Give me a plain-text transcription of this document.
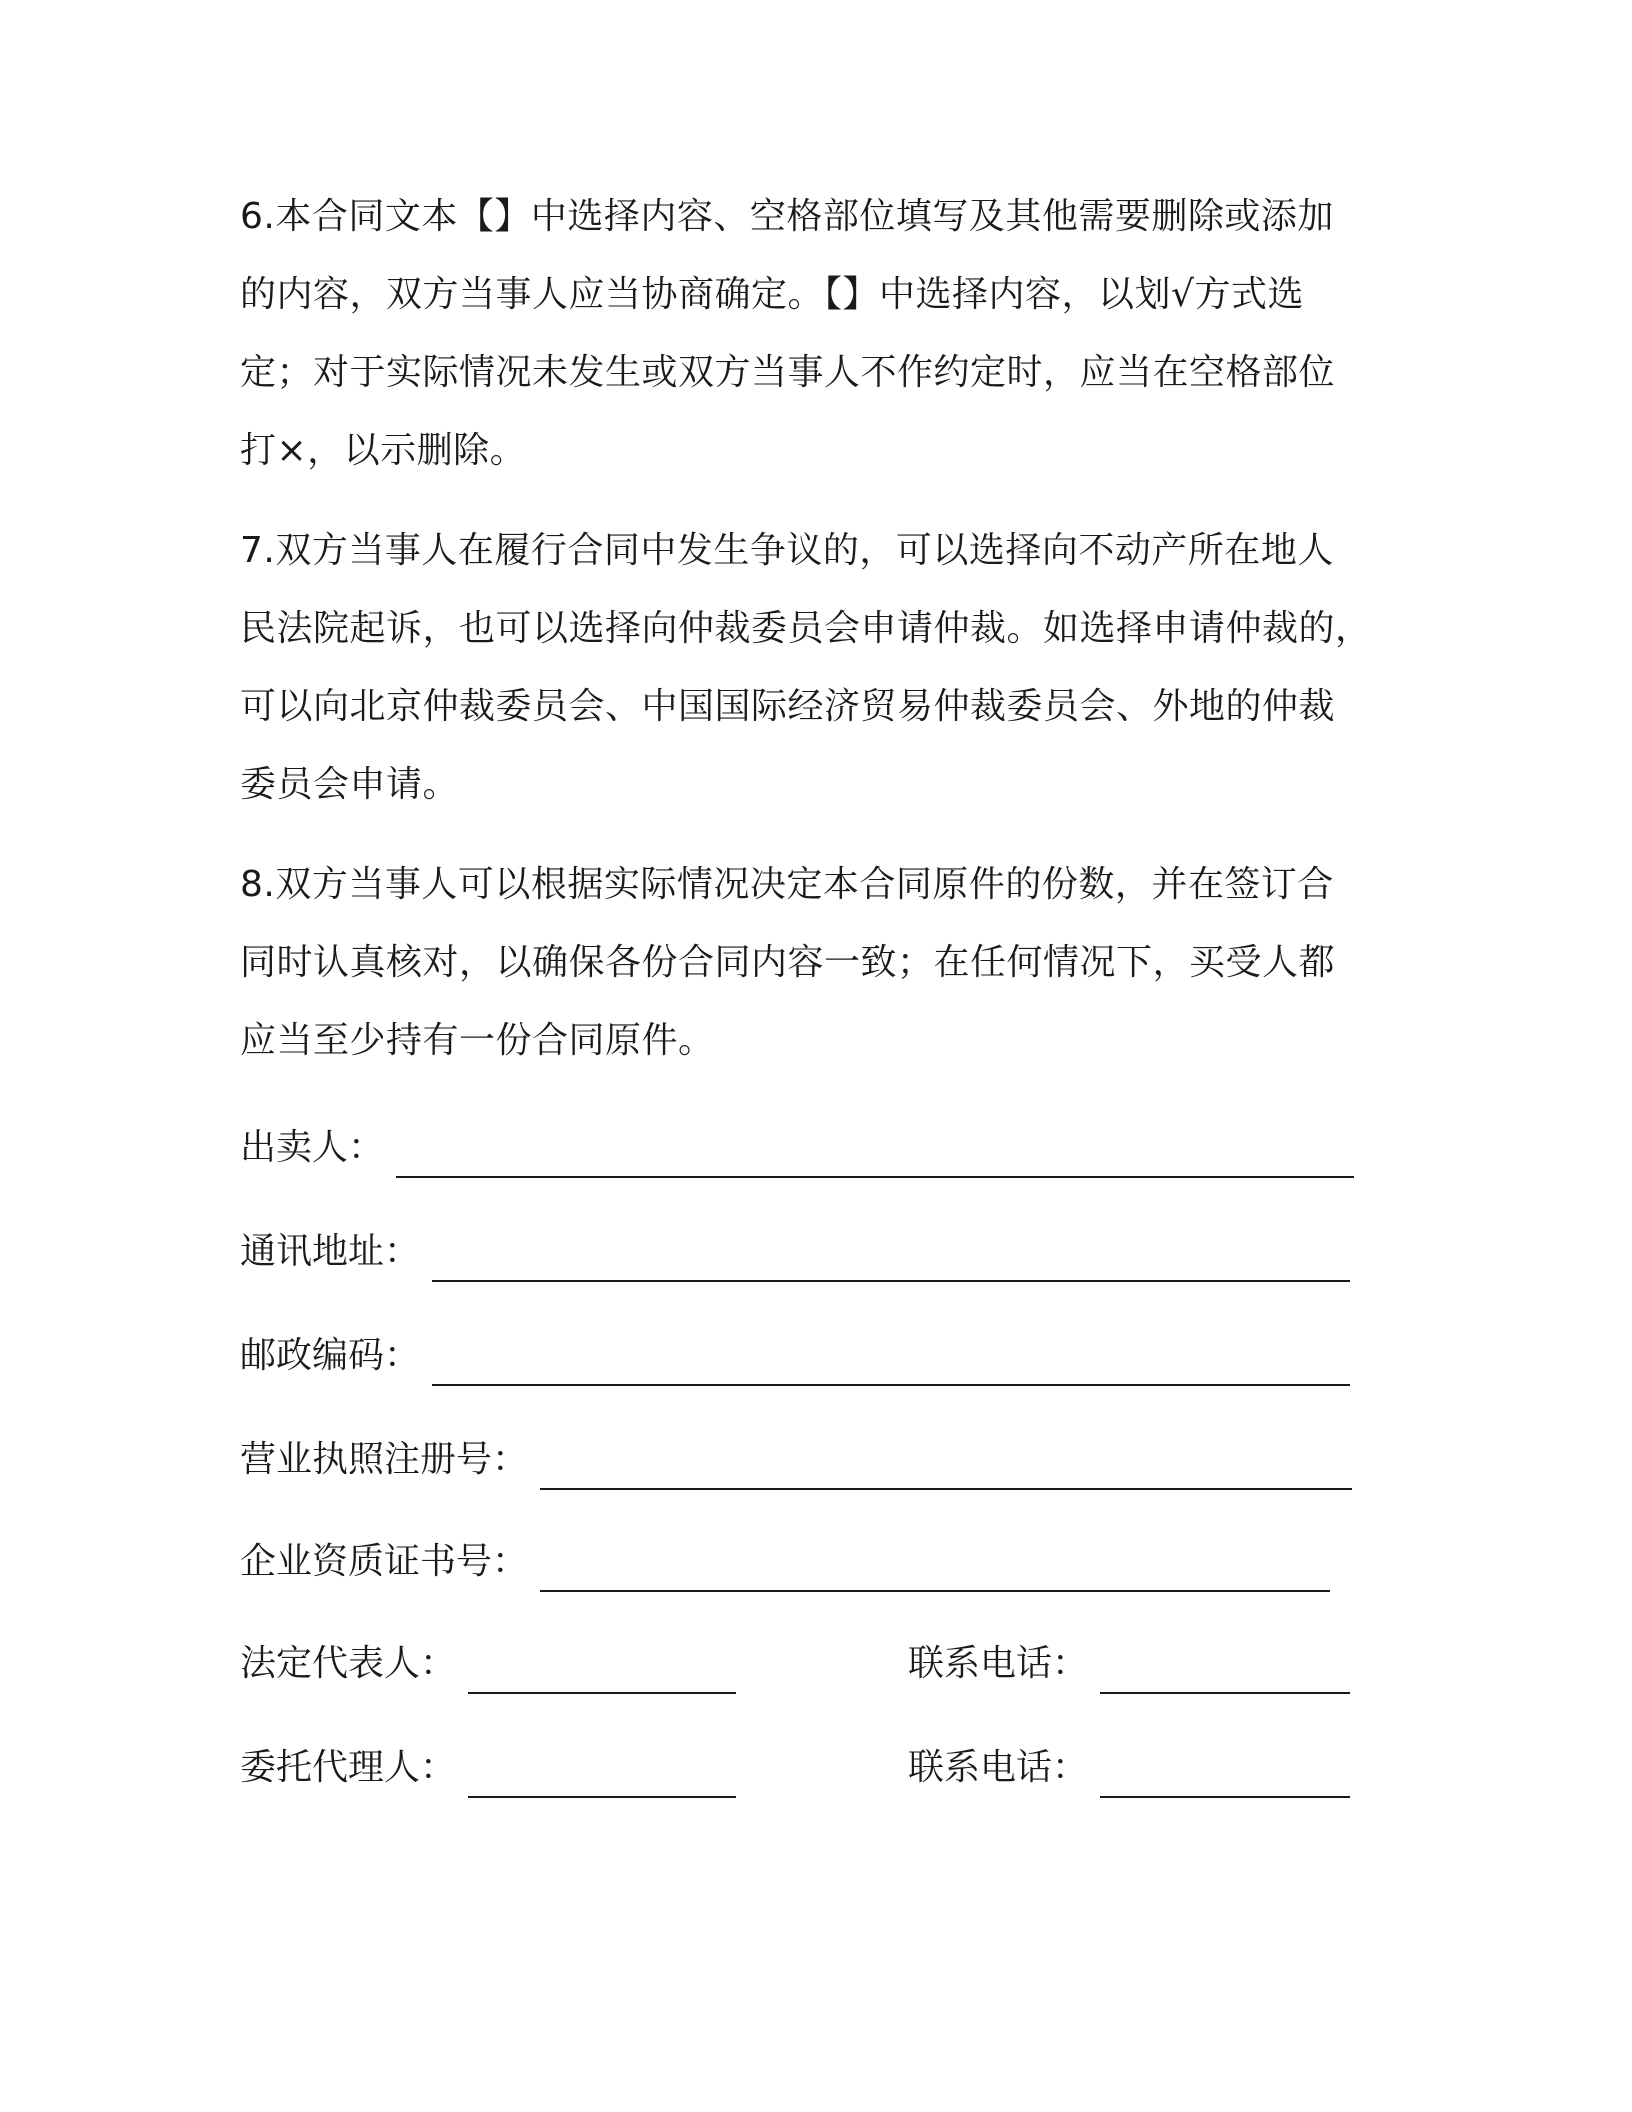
6.本合同文本【】中选择内容、空格部位填写及其他需要删除或添加
的内容，双方当事人应当协商确定。【】中选择内容，以划√方式选
定；对于实际情况未发生或双方当事人不作约定时，应当在空格部位
打×，以示删除。
7.双方当事人在履行合同中发生争议的，可以选择向不动产所在地人
民法院起诉，也可以选择向仲裁委员会申请仲裁。如选择申请仲裁的，
可以向北京仲裁委员会、中国国际经济贸易仲裁委员会、外地的仲裁
委员会申请。
8.双方当事人可以根据实际情况决定本合同原件的份数，并在签订合
同时认真核对，以确保各份合同内容一致；在任何情况下，买受人都
应当至少持有一份合同原件。
出卖人：
通讯地址：
邮政编码：
营业执照注册号：
企业资质证书号：
法定代表人：	联系电话：
委托代理人：	联系电话：
